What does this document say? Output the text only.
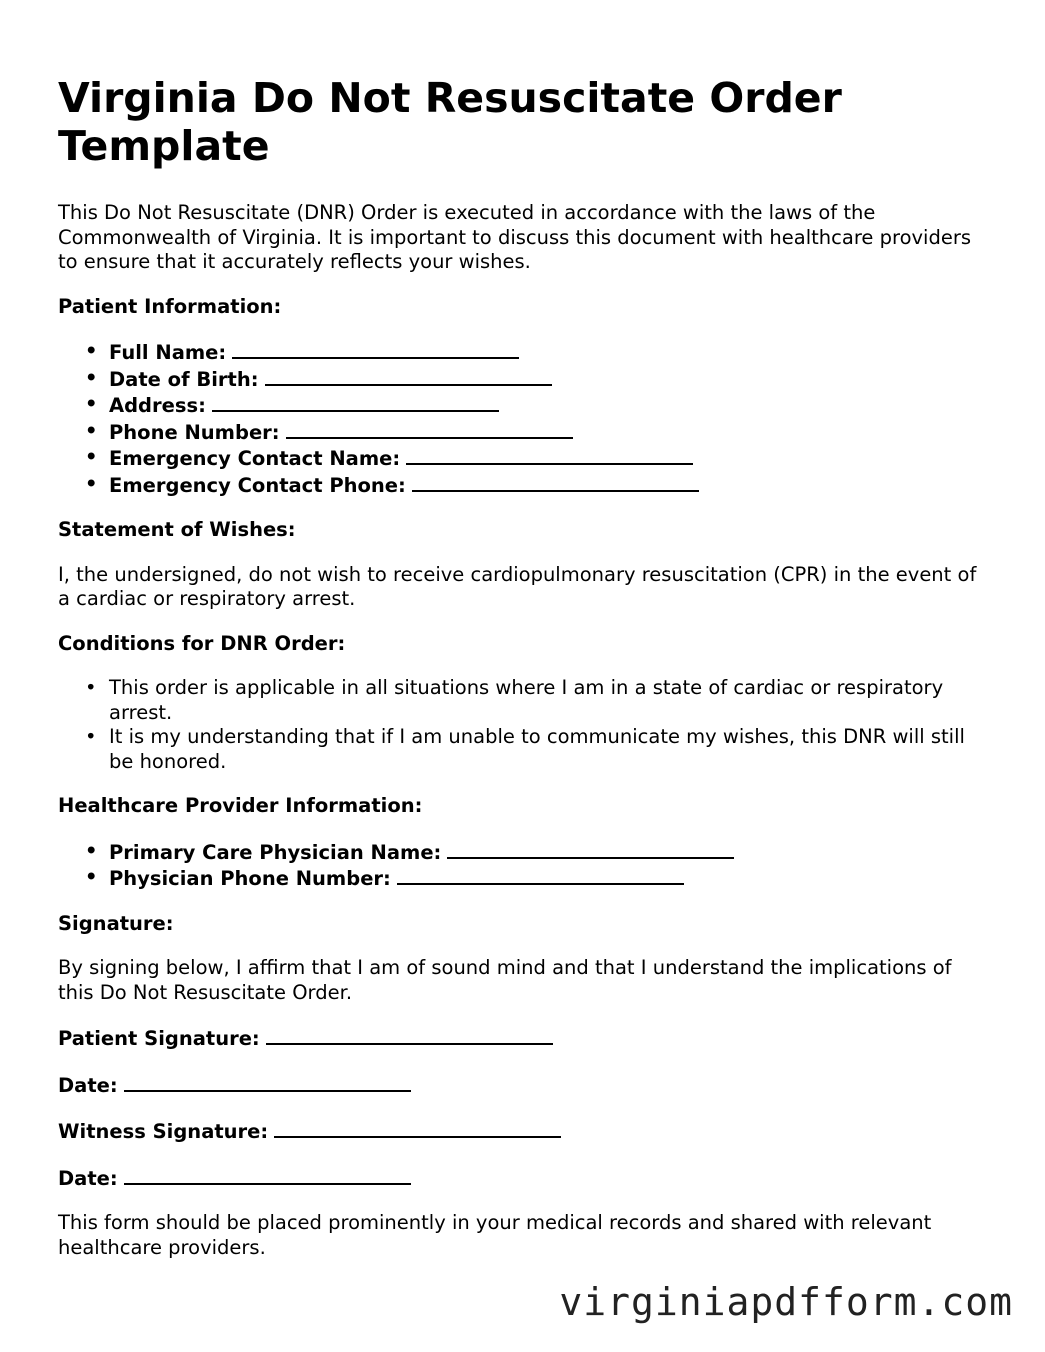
Virginia Do Not Resuscitate Order Template

This Do Not Resuscitate (DNR) Order is executed in accordance with the laws of the Commonwealth of Virginia. It is important to discuss this document with healthcare providers to ensure that it accurately reflects your wishes.

Patient Information:
• Full Name:
• Date of Birth:
• Address:
• Phone Number:
• Emergency Contact Name:
• Emergency Contact Phone:
Statement of Wishes:

I, the undersigned, do not wish to receive cardiopulmonary resuscitation (CPR) in the event of a cardiac or respiratory arrest.

Conditions for DNR Order:
• This order is applicable in all situations where I am in a state of cardiac or respiratory arrest.
• It is my understanding that if I am unable to communicate my wishes, this DNR will still be honored.
Healthcare Provider Information:
• Primary Care Physician Name:
• Physician Phone Number:
Signature:

By signing below, I affirm that I am of sound mind and that I understand the implications of this Do Not Resuscitate Order.

Patient Signature:
Date:
Witness Signature:
Date:

This form should be placed prominently in your medical records and shared with relevant healthcare providers.

virginiapdfform.com
